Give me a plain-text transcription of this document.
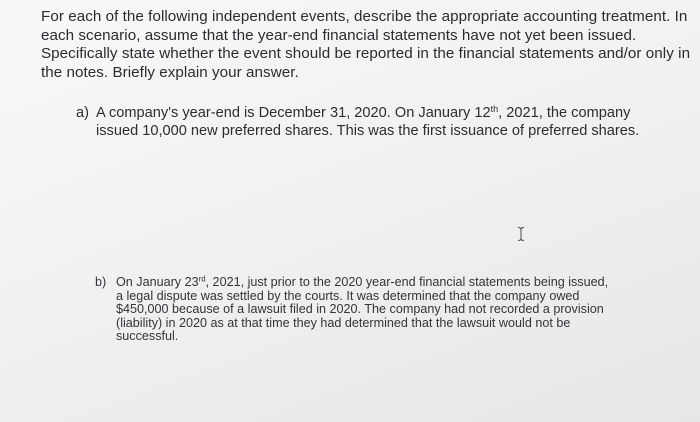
For each of the following independent events, describe the appropriate accounting treatment. In
each scenario, assume that the year-end financial statements have not yet been issued.
Specifically state whether the event should be reported in the financial statements and/or only in
the notes. Briefly explain your answer.
a) A company's year-end is December 31, 2020. On January 12th, 2021, the company
issued 10,000 new preferred shares. This was the first issuance of preferred shares.
b) On January 23rd, 2021, just prior to the 2020 year-end financial statements being issued,
a legal dispute was settled by the courts. It was determined that the company owed
$450,000 because of a lawsuit filed in 2020. The company had not recorded a provision
(liability) in 2020 as at that time they had determined that the lawsuit would not be
successful.
